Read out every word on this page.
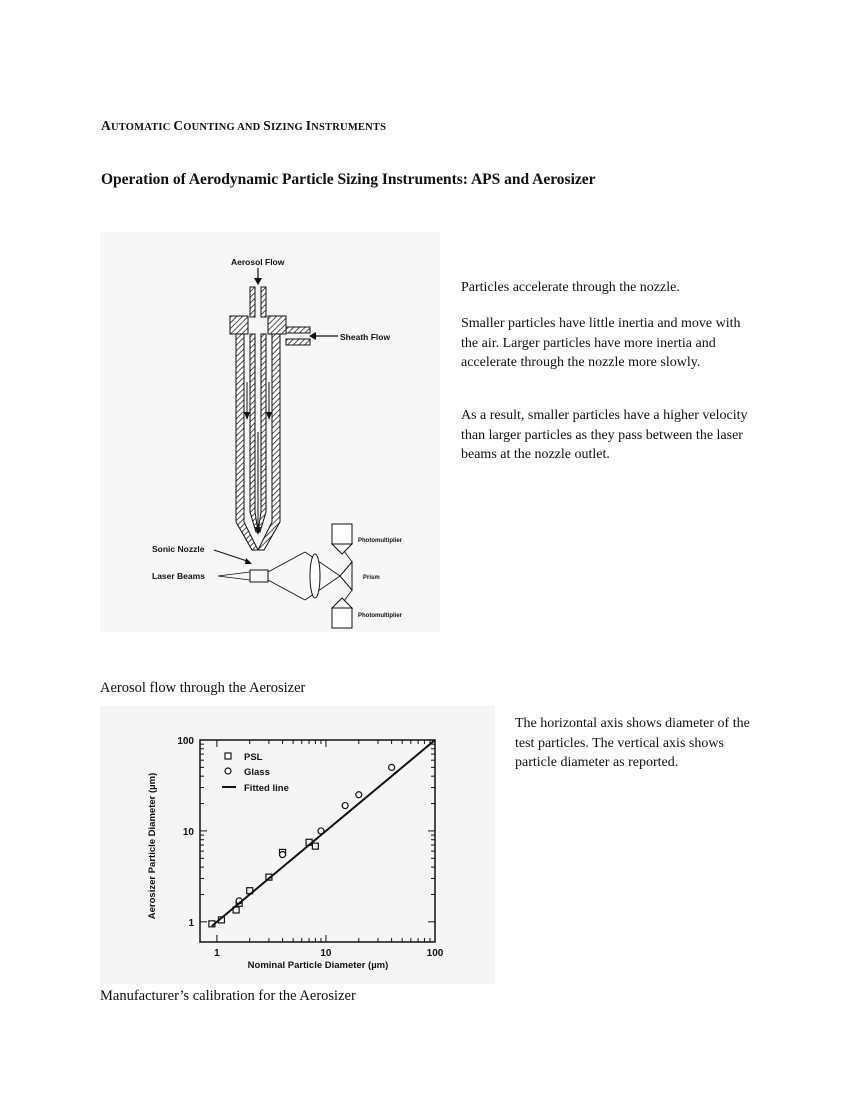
AUTOMATIC COUNTING AND SIZING INSTRUMENTS
Operation of Aerodynamic Particle Sizing Instruments: APS and Aerosizer
Aerosol Flow
Sheath Flow
Sonic Nozzle
Laser Beams
Photomultiplier
Prism
Photomultiplier
Particles accelerate through the nozzle.
Smaller particles have little inertia and move with the air. Larger particles have more inertia and accelerate through the nozzle more slowly.
As a result, smaller particles have a higher velocity than larger particles as they pass between the laser beams at the nozzle outlet.
Aerosol flow through the Aerosizer
Aerosizer Particle Diameter (µm)
Nominal Particle Diameter (µm)
1	10	100
1
10
100
PSL
Glass
Fitted line
The horizontal axis shows diameter of the test particles. The vertical axis shows particle diameter as reported.
Manufacturer’s calibration for the Aerosizer
